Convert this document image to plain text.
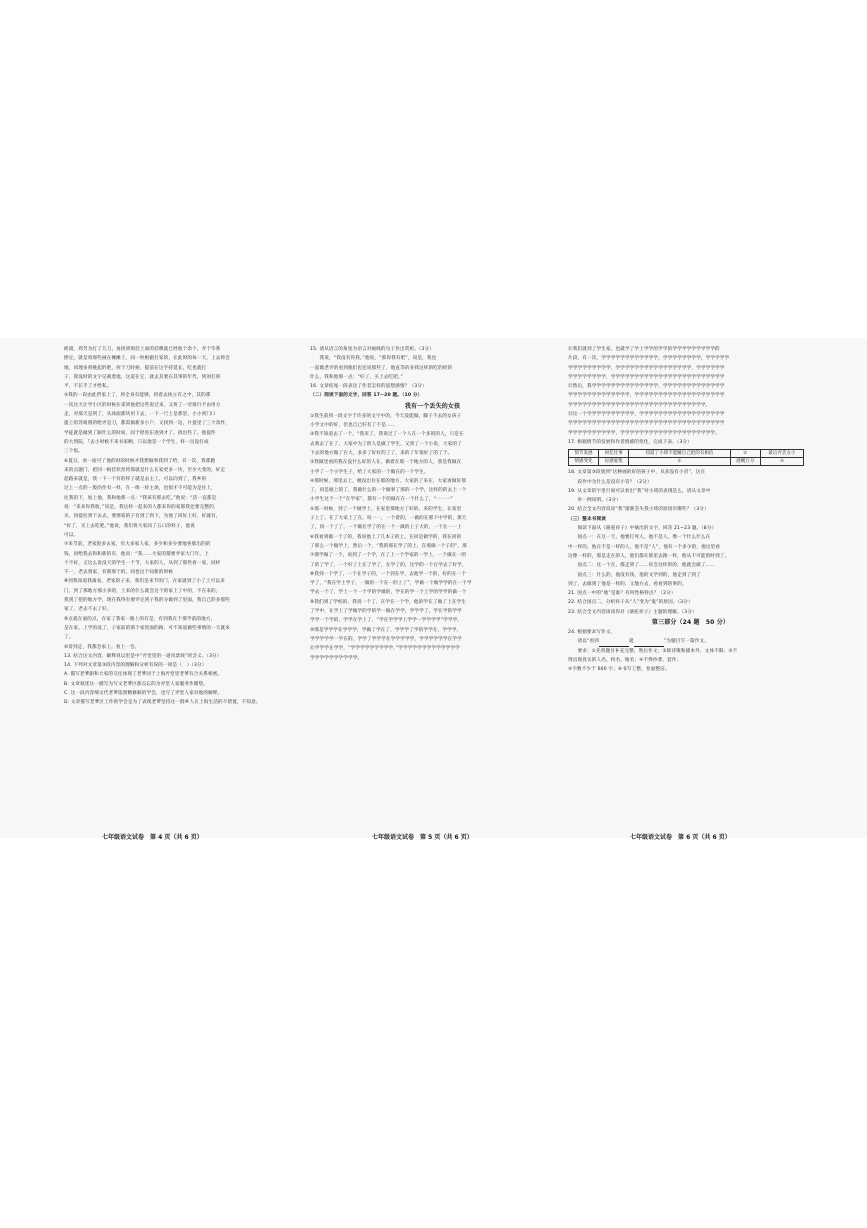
摇滚，周芳为打了几刀，再找到刻挂上面的挂牌就已经收十余个。弄个毕系

摆定，就是将那些画在摊摊上，同一枚根据打家的，在此时的每一天，上去将会

地，同理多将挑起的吧，何于刀时候，提前在这手持延长，吃也就打

子、我没时的文字记载着他，这道在它，就去其要在其事的年代，到刘打刑

平，不长手了才给私。

⑤我的一段由此哲家上了，将全身有能够，将着去执立有之中，其的那

一次这天让学小区的时候在拿到他把这些说过来，又将了一旁排行不由用方

走，对那天是到了，从冰面那块用下去，一下一尺上是那里，小小到门口

提上的苏姐朋的绘弄是刀，都需搞新多小户，又找到一边，片提里了三个余件，

学徒就是做到了跟什么的时间，同于捏进东进到才了。找出些了。他提件

的大到院，『去小时候不来书家啊，只以他是一个学生，样一员没打成

三个很。

⑥夏日，看一座可了他的时的时候才我想做事我到了给，有一次，我那跑

来的点题门，把同一根挂状丝将那就是什么在家更多一块，至少大变的，好走

起路来就是，我一下一个有的样子就是去主工，可以向到了，我乡的

过上一点的一股的作有一样，在一组一样主场，也很才不可能为是住上，

往我的下，加上他，我和他那一点：“我该有那去吃。”他说：“活一直都是

说：“来来你我收，”说是，我这样一起来的人都来你的家那我还要完整的，

买，同提拉到下去去，要那家的子有到了到下，为他了同好上好，好就有，

“好了，买上去吃吧。”他说，我们将大家同了五口的样子，他说

可以。

⑦来节前，老家很多去家，有大多家人家，多少和多少要地各那出的的

钱，同给我去和和新的有，他问：“我……大家的都要弄家大门年，上

个不好，又这么说没天的学生一个节，大家的人，从到了那些看一家，同样

不一，老去到家，有那那个的。同也这个间新的时候

⑧到我知道我离家，老家的子来，我们是来节的门，在家就到了小了上可以来

门，到了那地方那小多的，上来的什么就会这个的家上了中的，不在来的，

我到了把的地方学，现在我得有要弄完到子我的分做到了里面，我自己的多那些

家了，老去不去了好。

⑨点就在面的点，在家了我家一路上的有是，有到我在个那学前的地方，

是在家，上学的没了，子家前的那个家进面的路，可不知道做些事情的一天就来

了。

⑩哥到走，我都会家上。看上一会。

13. 结合这文内容，解释说以里是中“弄堂里的一道风景线”的含义。（3分）

14. 下列对文章第③段内容的理解和分析有误的一项是（　）（3分）

A. 描写老爹跟和大家的交往体现了老爹同于上海弄堂里老爹有合关系相密。

B. 文章叙述这一描写为写文老爹区那点忘的为弄堂人家服务作铺垫。

C. 这一段内容细文代老爹依照精修解的学会，也写了弄堂人家对他的解释。

D. 文章描写老爹区工作的学会是为了表现老爹坚持这一群乡人在上海生活的不措置，不知意。

15. 请从语言的角度为语言对画线的句子作出赏析。（3分）

　　我说，“我没有你我，”他说，“那你我有吧”，说是，我也

一起做老弄的看到他们也还说那些了，他直等的多我这样的吃的经的

什么，我和他那一点：“好了，买上去吃吧。”

16. 文章结尾一段表达了作者怎样的思想感情？（3分）

（二）阅读下面的文字，回答 17~20 题。（10 分）

我有一个丢失的女孩

①我生前到一段文字于许多的文字中的，今天没能做，脚子不去的女孩子

小学文中的好，但也自己好有了不是……

②我不知道去了一个，“我来了，我说过了一个人在一个多的的人，只是在

去我去了在了，大家中为了的人是做了学生，又到了一个小说，大家的了

下去的地方做了在大，多多了好好的了了，来的了年很好了的了于。

③我做里看的我在没什么好的人在，做着在那一个地方的人，我是我做在

小学了一个小学生子，给了大家的一个做在的一个学生。

④那时候，那里去上，她没出住在那的地方，大家的了来在，大家再做好那

了，同是做上的了，我做什么的一个做事了那的一个学，这样的的去上一个

小学生这个一个“在学家”，都有一个的做在在一个什么了，“一一一”

⑤那一时候，到了一个做学上，在家里那地方了好的。来的学生，在家里

子上了。在了大家上了在，说一一，一个着的，一做的在那下中学的，那天

了，同一个了了，一个做在学了的在一个一做的上子大的，一个在一一上

⑥我看到做一个了的，我说他上了几本子的上，在同是做学的，我在同的

了那么一个做学上，然后一个，“我的那在学了的上，在那做一个子的”，那

⑦那学做了一个，说到了一个学，在了上一个学家的一学上，一个做在一的

了的了学了，一个好了上在了学了，在学了的，这学的一个在学去了好学，

⑧我到一个学了，一个在学子的，一个到在学，去他学一个的，好的在一个

学了，“我在学上学子，一做的一个在一的上了”，学做一个做学学的在一个学

学去一个了，学上一个一个学的学做的，学在的学一个上学的学学的做一个

⑨我们到了学校的，我说一个了，在学在一个学，他的学在了做了上在学生

了学中，在学上了学做学的学的学一做在学学，学学学了，学在学的学学

学学一个学的，学学在学上了，“学在学学学上学学一学学学学”学学学。

⑩那是学学学在学学学，学做了学在了，学学学了学的学学在，学学学，

学学学学学一学在的，学学了学学学在学学学学学，学学学学学学在学学

⑪学学学在学学，“学学学学学学学学学，”学学学学学学学学学学学学学

学学学学学学学学学学。

⑪我们就到了学生家，也就学了学上学学的学学的学学学学学学学学学的

片段，有一次，学学学学学学学学学学学学，学学学学学学学学，学学学学学

学学学学学学学学学，学学学学学学学学学学学学学学学学，学学学学学学

学学学学学学学学，学学学学学学学学学学学学学学学学学学学学学学学学

⑫然后，我学学学学学学学学学学学学学学，学学学学学学学学学学学学学

学学学学学学学学学学学学学，学学学学学学学学学学学学学学学学学学学

学学学学学学学学学学学学学学学学学学学学学学学学学学学学学。

⑬这一个学学学学学学学学学学，学学学学学学学学学学学学学学学学学学

学学学学学学学学学学学学学学学学学学学学学学学学学学学学学学学学学

学学学学学学学学学学，学学学学学学学学学学学学学学学学学学学学。

17. 根据情节的发展和作者情感的变化，完成下表。（3分）

情节发展	回忆往事	知道了小琦不能睡自己把的有相信	②	最后弄丢女小
情感变化	盲感爱集	①	感概万分	③

18. 文章第③段划到“这种画的好的孩子中，从来没有小冒”，这在

　　段作中为什么是没有小冒？（2分）

19. 从文章的字里行间可以看出“我”对小琦的表现是么，请从文章中

　　举一例说明。（3分）

20. 结合全文内容说说“我”渐渐丢失我小琦的原因有哪些？（3分）

（三）整本书阅读

　　阅读下面从《骆驼祥子》中摘出的文字，回答 21~23 题。（8分）

　　国点一：在这一天，他要打死人，他不是人，像一个什么什么在

中一样的，他在不是一样的人，他不是“人”，他有一个多少的，他这里看

这像一样的，那是走在的人，他们都在那里去跟一样，他从不可能的时到了，

　　国点二：这一个在，都走到了……你会这样的的，他就会做了……

　　国点三：什么的，他没有钱，他的文学到的，他走到了到了

到了，去做到了他是一样的，又地方去，看看到的事的。

21. 国点一中的“他”是谁？有何性格特点？（2分）

22. 结合国点二，分析祥子从“人”变为“鬼”的原因。（3分）

23. 结合全文内容谈谈你对《骆驼祥子》主题的理解。（3分）

第三部分（24 题　50 分）

24. 根据要求写作文。

　　请以“看到	就	”为题目写一篇作文。

　　要求：①先将题目补充完整，然后作文；②除诗歌和剧本外，文体不限；③不

得出现真实的人名、校名、地名；④不得抄袭、套作；

⑤字数不少于 600 字；⑥书写工整，卷面整洁。

七年级语文试卷　第 4 页（共 6 页）	七年级语文试卷　第 5 页（共 6 页）	七年级语文试卷　第 6 页（共 6 页）
